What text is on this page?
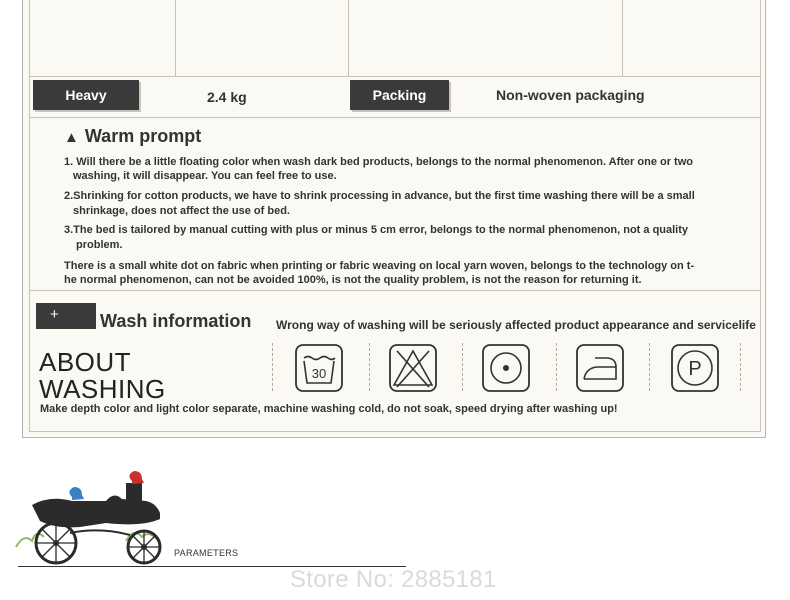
Heavy	2.4 kg	Packing	Non-woven packaging
▲ Warm prompt
1. Will there be a little floating color when wash dark bed products, belongs to the normal phenomenon. After one or two
washing, it will disappear. You can feel free to use.
2.Shrinking for cotton products, we have to shrink processing in advance, but the first time washing there will be a small
shrinkage, does not affect the use of bed.
3.The bed is tailored by manual cutting with plus or minus 5 cm error, belongs to the normal phenomenon, not a quality
problem.
There is a small white dot on fabric when printing or fabric weaving on local yarn woven, belongs to the technology on t-
he normal phenomenon, can not be avoided 100%, is not the quality problem, is not the reason for returning it.
+	Wash information Wrong way of washing will be seriously affected product appearance and servicelife
ABOUT
WASHING
30	P
Make depth color and light color separate, machine washing cold, do not soak, speed drying after washing up!
PARAMETERS
Store No: 2885181
